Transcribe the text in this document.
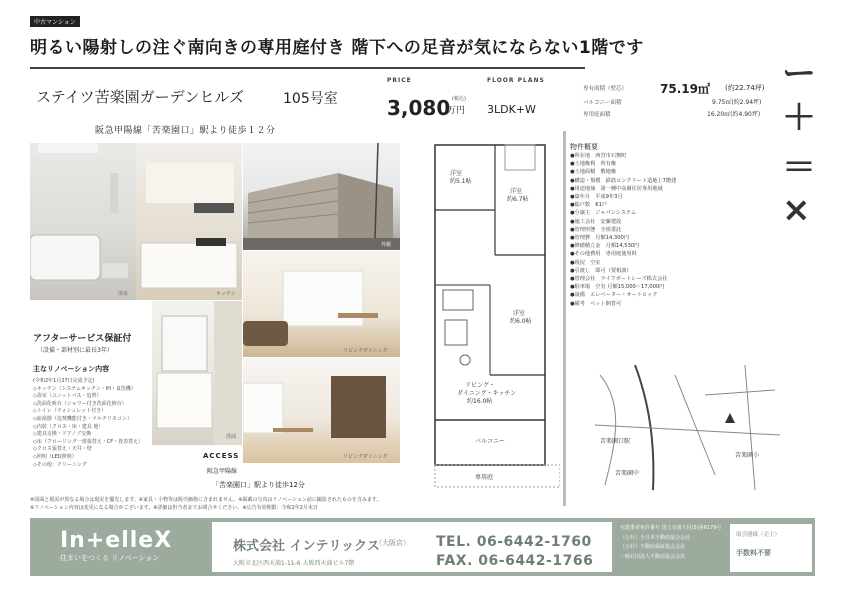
中古マンション
明るい陽射しの注ぐ南向きの専用庭付き 階下への足音が気にならない1階です
ステイツ苦楽園ガーデンヒルズ	105号室
阪急甲陽線「苦楽園口」駅より徒歩１２分
PRICE
3,080 (税込)
万円
FLOOR PLANS
3LDK+W
専有面積（壁芯）	75.19㎡ (約22.74坪)
バルコニー面積	9.75㎡(約2.94坪)
専用庭面積	16.20㎡(約4.90坪)
浴室	キッチン
外観
リビングダイニング
洗面
リビングダイニング
アフターサービス保証付
（設備・部材別に最長3年）
主なリノベーション内容
(令和2年1月27日完成予定)
◇キッチン（システムキッチン・IH・食洗機）
◇浴室（ユニットバス・追焚）
◇洗面化粧台（シャワー付き洗面化粧台）
◇トイレ（ウォシュレット付き）
◇給湯器（追焚機能付き・マルチリモコン）
◇内装（クロス・床・建具 他）
◇建具交換・ドアノブ交換
◇床（フローリング一部張替え・CF・畳表替え）
◇クロス張替え・天井・壁
◇照明（LED照明）
◇その他：クリーニング
ACCESS
阪急甲陽線
「苦楽園口」駅より徒歩12分
洋室
約5.1帖
洋室
約6.7帖
洋室
約6.0帖
リビング・
ダイニング・キッチン
約16.0帖
バルコニー
専用庭
物件概要
●所在地　西宮市石刎町
●土地権利　所有権
●土地面積　敷地権
●構造・規模　鉄筋コンクリート造地上7階建
●用途地域　第一種中高層住居専用地域
●築年月　平成9年3月
●総戸数　61戸
●分譲主　ジャパンシステム
●施工会社　安藤建設
●管理形態　全部委託
●管理費　月額14,300円
●修繕積立金　月額14,530円
●その他費用　専用庭使用料
●現況　空室
●引渡し　即可（要相談）
●管理会社　ライフポートレーズ株式会社
●駐車場　空有 月額15,000～17,000円
●設備　エレベーター・オートロック
●備考　ペット飼育可
苦楽園口駅
苦楽園小
苦楽園中
ー
＋
＝
×
※図面と現況が異なる場合は現況を優先します。※家具・小物等は販売価格に含まれません。※掲載の写真はリノベーション前に撮影されたものを含みます。
※リノベーション内容は変更になる場合がございます。※詳細は担当者までお問合せください。※広告有効期限：令和2年2月末日
In+elleX
住まいをつくる リノベーション
株式会社 インテリックス
（大阪店）
大阪市北区西天満1-11-6 大阪西天満ビル7階
TEL. 06-6442-1760
FAX. 06-6442-1766
宅建業者免許番号 国土交通大臣(5)第6179号
（公社）全日本不動産協会会員
（公社）不動産保証協会会員
一般社団法人不動産協会会員
取引態様（売主）
手数料不要
